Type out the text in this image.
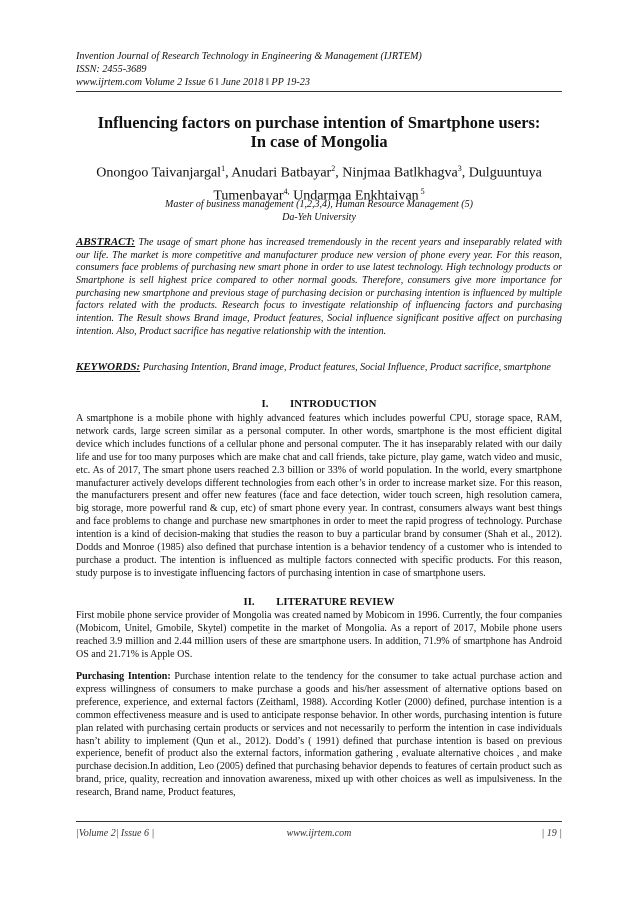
Invention Journal of Research Technology in Engineering & Management (IJRTEM)
ISSN: 2455-3689
www.ijrtem.com Volume 2 Issue 6 ǁ June 2018 ǁ PP 19-23
Influencing factors on purchase intention of Smartphone users:
In case of Mongolia
Onongoo Taivanjargal$^1$, Anudari Batbayar$^2$, Ninjmaa Batlkhagva$^3$, Dulguuntuya Tumenbayar$^{4,}$ Undarmaa Enkhtaivan $^5$
Master of business management (1,2,3,4), Human Resource Management (5)
Da-Yeh University
ABSTRACT: The usage of smart phone has increased tremendously in the recent years and inseparably related with our life. The market is more competitive and manufacturer produce new version of phone every year. For this reason, consumers face problems of purchasing new smart phone in order to use latest technology. High technology products or Smartphone is sell highest price compared to other normal goods. Therefore, consumers give more importance for purchasing new smartphone and previous stage of purchasing decision or purchasing intention is influenced by multiple factors related with the products. Research focus to investigate relationship of influencing factors and purchasing intention. The Result shows Brand image, Product features, Social influence significant positive affect on purchasing intention. Also, Product sacrifice has negative relationship with the intention.
KEYWORDS: Purchasing Intention, Brand image, Product features, Social Influence, Product sacrifice, smartphone
I.        INTRODUCTION
A smartphone is a mobile phone with highly advanced features which includes powerful CPU, storage space, RAM, network cards, large screen similar as a personal computer. In other words, smartphone is the most efficient digital device which includes functions of a cellular phone and personal computer. The it has inseparably related with our daily life and use for too many purposes which are make chat and call friends, take picture, play game, watch video and music, etc. As of 2017, The smart phone users reached 2.3 billion or 33% of world population. In the world, every smartphone manufacturer actively develops different technologies from each other’s in order to increase market size. For this reason, the manufacturers present and offer new features (face and face detection, wider touch screen, high resolution camera, big storage, more powerful rand & cup, etc) of smart phone every year. In contrast, consumers always want best things and face problems to change and purchase new smartphones in order to meet the rapid progress of technology. Purchase intention is a kind of decision-making that studies the reason to buy a particular brand by consumer (Shah et al., 2012). Dodds and Monroe (1985) also defined that purchase intention is a behavior tendency of a customer who is intended to purchase a product. The intention is influenced as multiple factors connected with specific products. For this reason, study purpose is to investigate influencing factors of purchasing intention in case of smartphone users.
II.        LITERATURE REVIEW
First mobile phone service provider of Mongolia was created named by Mobicom in 1996. Currently, the four companies (Mobicom, Unitel, Gmobile, Skytel) competite in the market of Mongolia. As a report of 2017, Mobile phone users reached 3.9 million and 2.44 million users of these are smartphone users. In addition, 71.9% of smartphone has Android OS and 21.71% is Apple OS.
Purchasing Intention: Purchase intention relate to the tendency for the consumer to take actual purchase action and express willingness of consumers to make purchase a goods and his/her assessment of alternative options based on preference, experience, and external factors (Zeithaml, 1988). According Kotler (2000) defined, purchase intention is a common effectiveness measure and is used to anticipate response behavior. In other words, purchasing intention is future plan related with purchasing certain products or services and not necessarily to perform the intention in case individuals hasn’t ability to implement (Qun et al., 2012). Dodd’s ( 1991) defined that purchase intention is based on previous experience, benefit of product also the external factors, information gathering , evaluate alternative choices , and make purchase decision.In addition, Leo (2005) defined that purchasing behavior depends to features of certain product such as brand, price, quality, recreation and innovation awareness, mixed up with other choices as well as impulsiveness. In the research, Brand name, Product features,
|Volume 2| Issue 6 |	www.ijrtem.com	| 19 |
